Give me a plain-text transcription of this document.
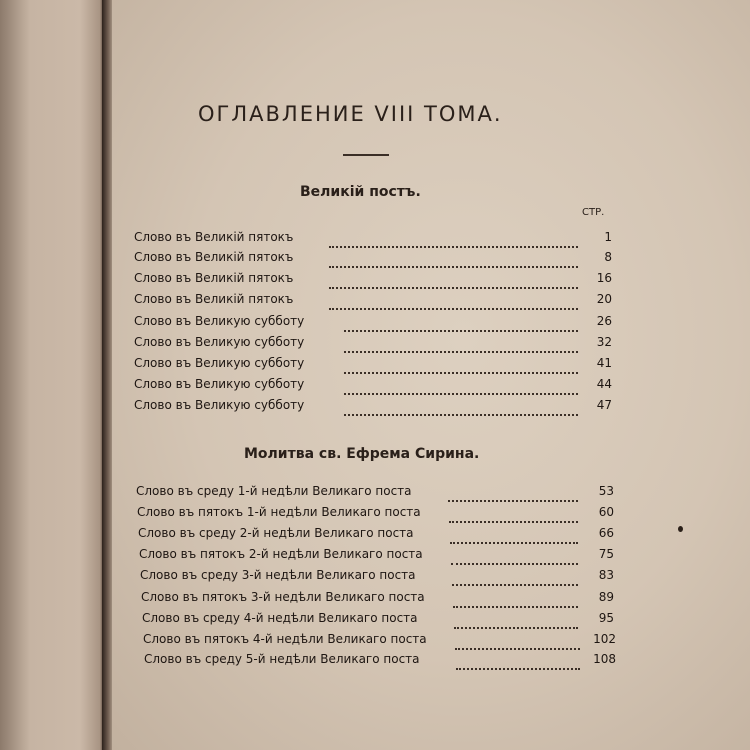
ОГЛАВЛЕНИЕ VIII ТОМА.
Великій постъ.
СТР.
Молитва св. Ефрема Сирина.
Слово въ Великій пятокъ	1
Слово въ Великій пятокъ	8
Слово въ Великій пятокъ	16
Слово въ Великій пятокъ	20
Слово въ Великую субботу	26
Слово въ Великую субботу	32
Слово въ Великую субботу	41
Слово въ Великую субботу	44
Слово въ Великую субботу	47
Слово въ среду 1-й недѣли Великаго поста	53
Слово въ пятокъ 1-й недѣли Великаго поста	60
Слово въ среду 2-й недѣли Великаго поста	66
Слово въ пятокъ 2-й недѣли Великаго поста	75
Слово въ среду 3-й недѣли Великаго поста	83
Слово въ пятокъ 3-й недѣли Великаго поста	89
Слово въ среду 4-й недѣли Великаго поста	95
Слово въ пятокъ 4-й недѣли Великаго поста	102
Слово въ среду 5-й недѣли Великаго поста	108
